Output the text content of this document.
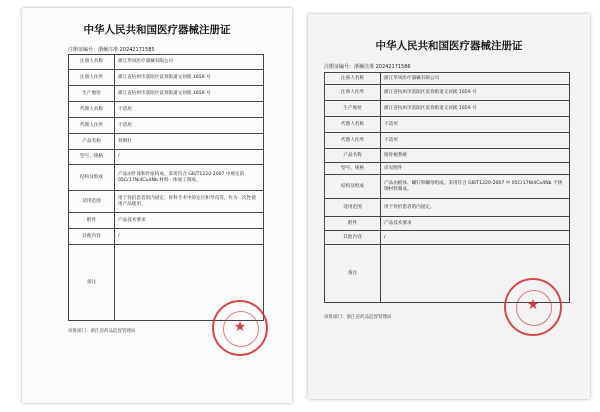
中华人民共和国医疗器械注册证
注册证编号：浙械注准 20242171585
注册人名称	浙江华凤医疗器械有限公司
注册人住所	浙江省杭州市富阳区富春街道文居街 1659 号
生产地址	浙江省杭州市富阳区富春街道文居街 1659 号
代理人名称	不适用
代理人住所	不适用
产品名称	骨钢针
型号、规格	/
结构及组成	产品由针体和针座构成。采用符合 GB/T1220-2007 中规定的 05Cr17Ni4Cu4Nb 材料一体加工制成。
适用范围	用于骨折患者的内固定、骨科手术中的定位和导向等，作为一次性使用产品使用。
附件	产品技术要求
其他内容	/
备注	
审批部门：浙江省药品监督管理局	★
中华人民共和国医疗器械注册证
注册证编号：浙械注准 20242171586
注册人名称	浙江华凤医疗器械有限公司
注册人住所	浙江省杭州市富阳区富春街道文居街 1659 号
生产地址	浙江省杭州市富阳区富春街道文居街 1659 号
代理人名称	不适用
代理人住所	不适用
产品名称	接骨板系统
型号、规格	详见附件
结构及组成	产品由板体、螺钉和螺母组成。采用符合 GB/T1220-2007 中 05Cr17Ni4Cu4Nb 不锈钢材料制成。
适用范围	用于骨折患者的内固定。
附件	产品技术要求
其他内容	/
备注	
审批部门：浙江省药品监督管理局
★
